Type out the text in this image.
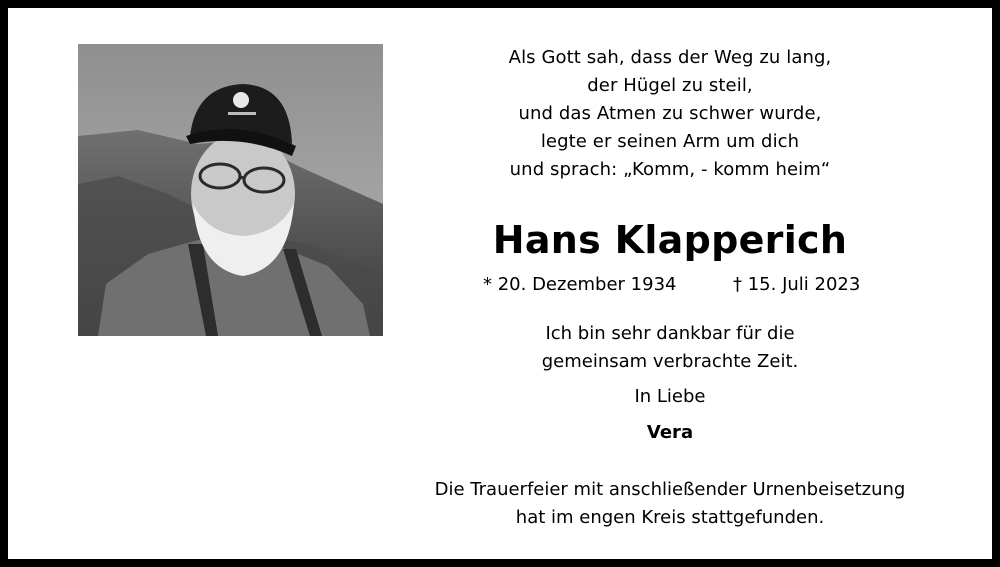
Als Gott sah, dass der Weg zu lang,
der Hügel zu steil,
und das Atmen zu schwer wurde,
legte er seinen Arm um dich
und sprach: „Komm, - komm heim“
Hans Klapperich
* 20. Dezember 1934	† 15. Juli 2023
Ich bin sehr dankbar für die
gemeinsam verbrachte Zeit.
In Liebe
Vera
Die Trauerfeier mit anschließender Urnenbeisetzung
hat im engen Kreis stattgefunden.
